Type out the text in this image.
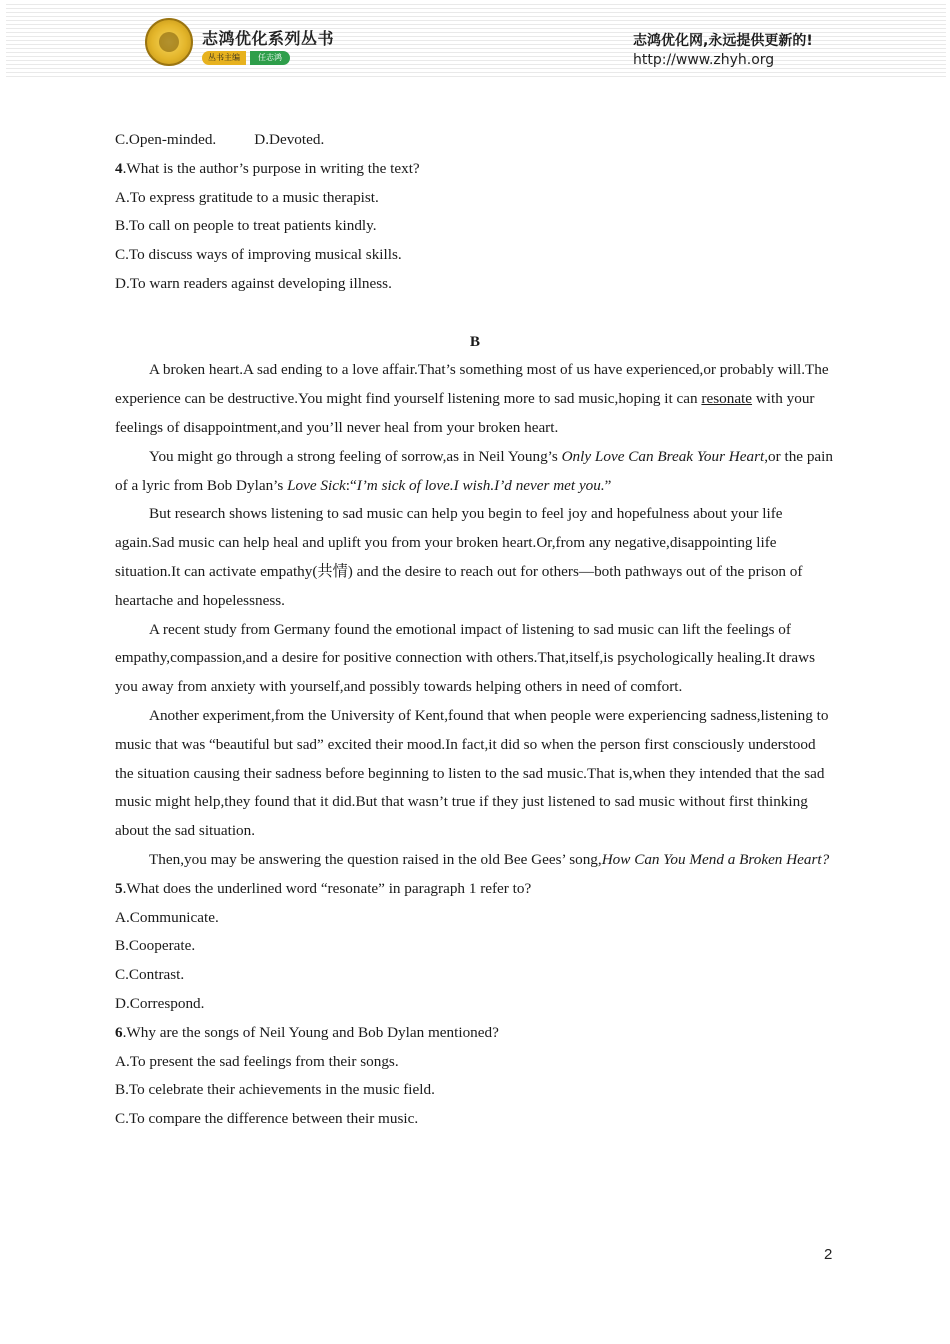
志鸿优化系列丛书
丛书主编	任志鸿
志鸿优化网,永远提供更新的!
http://www.zhyh.org
C.Open-minded.	D.Devoted.
4.What is the author’s purpose in writing the text?
A.To express gratitude to a music therapist.
B.To call on people to treat patients kindly.
C.To discuss ways of improving musical skills.
D.To warn readers against developing illness.
B
A broken heart.A sad ending to a love affair.That’s something most of us have experienced,or probably will.The experience can be destructive.You might find yourself listening more to sad music,hoping it can resonate with your feelings of disappointment,and you’ll never heal from your broken heart.
You might go through a strong feeling of sorrow,as in Neil Young’s Only Love Can Break Your Heart,or the pain of a lyric from Bob Dylan’s Love Sick:“I’m sick of love.I wish.I’d never met you.”
But research shows listening to sad music can help you begin to feel joy and hopefulness about your life again.Sad music can help heal and uplift you from your broken heart.Or,from any negative,disappointing life situation.It can activate empathy(共情) and the desire to reach out for others—both pathways out of the prison of heartache and hopelessness.
A recent study from Germany found the emotional impact of listening to sad music can lift the feelings of empathy,compassion,and a desire for positive connection with others.That,itself,is psychologically healing.It draws you away from anxiety with yourself,and possibly towards helping others in need of comfort.
Another experiment,from the University of Kent,found that when people were experiencing sadness,listening to music that was “beautiful but sad” excited their mood.In fact,it did so when the person first consciously understood the situation causing their sadness before beginning to listen to the sad music.That is,when they intended that the sad music might help,they found that it did.But that wasn’t true if they just listened to sad music without first thinking about the sad situation.
Then,you may be answering the question raised in the old Bee Gees’ song,How Can You Mend a Broken Heart?
5.What does the underlined word “resonate” in paragraph 1 refer to?
A.Communicate.
B.Cooperate.
C.Contrast.
D.Correspond.
6.Why are the songs of Neil Young and Bob Dylan mentioned?
A.To present the sad feelings from their songs.
B.To celebrate their achievements in the music field.
C.To compare the difference between their music.
2
